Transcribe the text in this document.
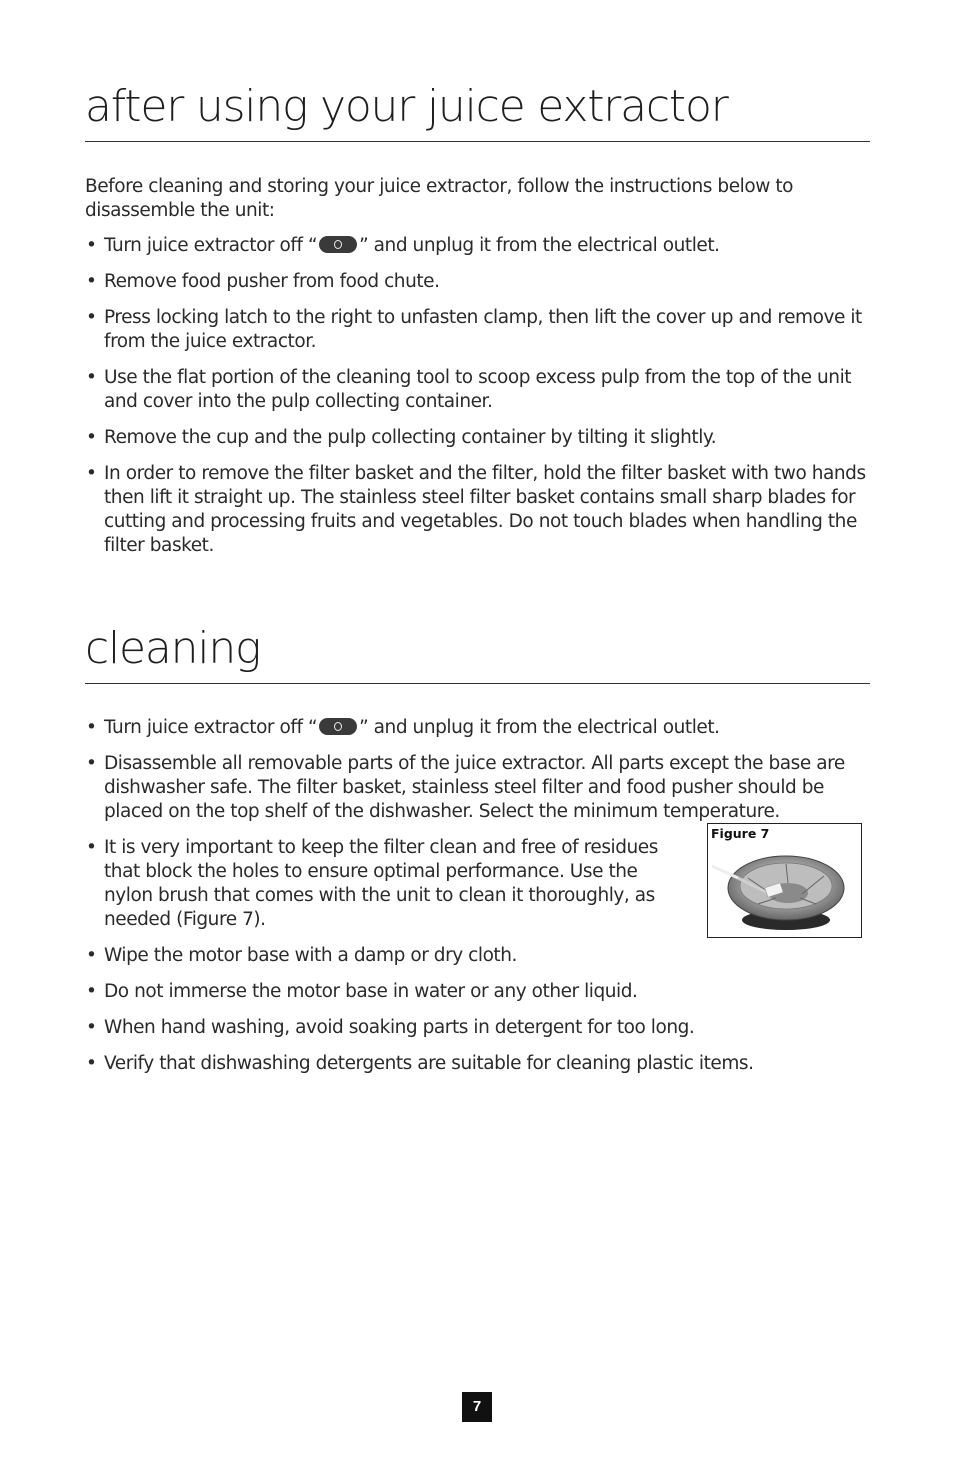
after using your juice extractor

Before cleaning and storing your juice extractor, follow the instructions below to disassemble the unit:

• Turn juice extractor off “ ” and unplug it from the electrical outlet.
• Remove food pusher from food chute.
• Press locking latch to the right to unfasten clamp, then lift the cover up and remove it from the juice extractor.
• Use the flat portion of the cleaning tool to scoop excess pulp from the top of the unit and cover into the pulp collecting container.
• Remove the cup and the pulp collecting container by tilting it slightly.
• In order to remove the filter basket and the filter, hold the filter basket with two hands then lift it straight up. The stainless steel filter basket contains small sharp blades for cutting and processing fruits and vegetables. Do not touch blades when handling the filter basket.
cleaning
• Turn juice extractor off “ ” and unplug it from the electrical outlet.
• Disassemble all removable parts of the juice extractor. All parts except the base are dishwasher safe. The filter basket, stainless steel filter and food pusher should be placed on the top shelf of the dishwasher. Select the minimum temperature.
• It is very important to keep the filter clean and free of residues that block the holes to ensure optimal performance. Use the nylon brush that comes with the unit to clean it thoroughly, as needed (Figure 7).
• Wipe the motor base with a damp or dry cloth.
• Do not immerse the motor base in water or any other liquid.
• When hand washing, avoid soaking parts in detergent for too long.
• Verify that dishwashing detergents are suitable for cleaning plastic items.
Figure 7
7
